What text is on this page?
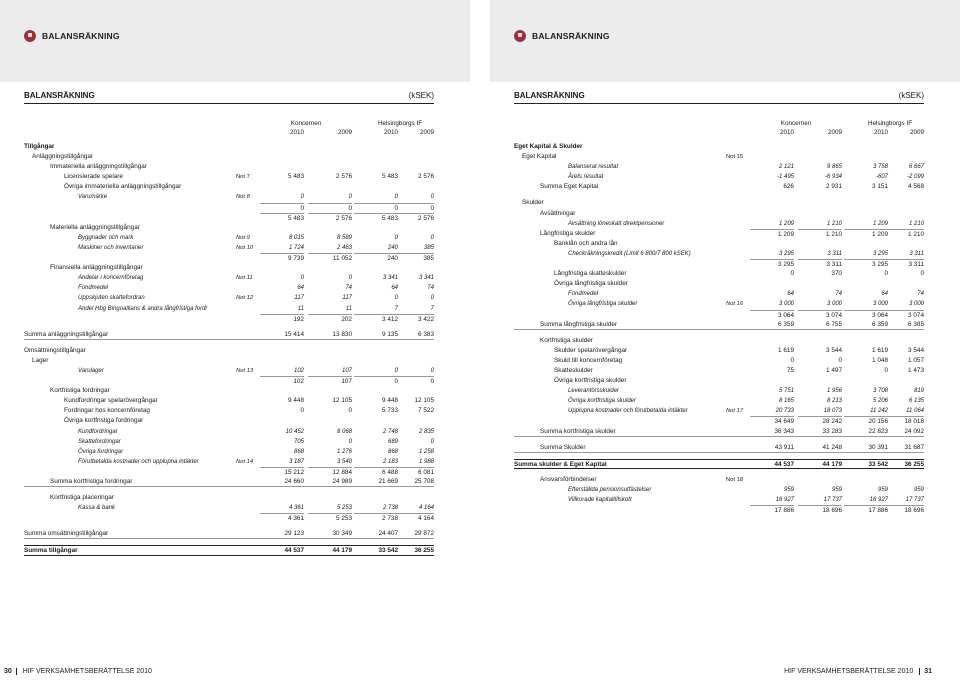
BALANSRÄKNING	BALANSRÄKNING
BALANSRÄKNING	(kSEK)
Koncernen	Helsingborgs IF
2010	2009	2010	2009
Tillgångar
Anläggningstillgångar
Immateriella anläggningstillgångar
Licensierade spelare	Not 7	5 483	2 576	5 483	2 576
Övriga immateriella anläggningstillgångar
Varumärke	Not 8	0	0	0	0
0	0	0	0
5 483	2 576	5 483	2 576
Materiella anläggningstillgångar
Byggnader och mark	Not 9	8 015	8 589	0	0
Maskiner och inventarier	Not 10	1 724	2 463	240	385
9 739	11 052	240	385
Finansiella anläggningstillgångar
Andelar i koncernföretag	Not 11	0	0	3 341	3 341
Fondmedel	64	74	64	74
Uppskjuten skattefordran	Not 12	117	117	0	0
Andel Hbg Bingoallians & andra långfristiga fordr	11	11	7	7
192	202	3 412	3 422
Summa anläggningstillgångar	15 414	13 830	9 135	6 383
Omsättningstillgångar
Lager
Varulager	Not 13	102	107	0	0
102	107	0	0
Kortfristiga fordringar
Kundfordringar spelarövergångar	9 448	12 105	9 448	12 105
Fordringar hos koncernföretag	0	0	5 733	7 522
Övriga kortfristiga fordringar
Kundfordringar	10 452	8 068	2 748	2 835
Skattefordringar	705	0	689	0
Övriga fordringar	868	1 276	868	1 258
Förutbetalda kostnader och upplupna intäkter	Not 14	3 187	3 540	2 183	1 988
15 212	12 884	6 488	6 081
Summa kortfristiga fordringar	24 660	24 989	21 669	25 708
Kortfristiga placeringar
Kassa & bank	4 361	5 253	2 738	4 164
4 361	5 253	2 738	4 164
Summa omsättningstillgångar	29 123	30 349	24 407	29 872
Summa tillgångar	44 537	44 179	33 542	36 255
BALANSRÄKNING	(kSEK)
Koncernen	Helsingborgs IF
2010	2009	2010	2009
Eget Kapital & Skulder
Eget Kapital	Not 15
Balanserat resultat	2 121	9 865	3 758	6 667
Årets resultat	-1 495	-6 934	-607	-2 099
Summa Eget Kapital	626	2 931	3 151	4 568
Skulder
Avsättningar
Avsättning löneskatt direktpensioner	1 209	1 210	1 209	1 210
Långfristiga skulder	1 209	1 210	1 209	1 210
Banklån och andra lån
Checkräkningskredit (Limit 6 800/7 800 kSEK)	3 295	3 311	3 295	3 311
3 295	3 311	3 295	3 311
Långfristiga skatteskulder	0	370	0	0
Övriga långfristiga skulder
Fondmedel	64	74	64	74
Övriga långfristiga skulder	Not 16	3 000	3 000	3 000	3 000
3 064	3 074	3 064	3 074
Summa långfristiga skulder	6 359	6 755	6 359	6 385
Kortfristiga skulder
Skulder spelarövergångar	1 619	3 544	1 619	3 544
Skuld till koncernföretag	0	0	1 048	1 057
Skatteskulder	75	1 497	0	1 473
Övriga kortfristiga skulder
Leverantörsskulder	5 751	1 956	3 708	819
Övriga kortfristiga skulder	8 165	8 213	5 206	6 135
Upplupna kostnader och förutbetalda intäkter	Not 17	20 733	18 073	11 242	11 064
34 649	28 242	20 156	18 018
Summa kortfristiga skulder	36 343	33 283	22 823	24 092
Summa Skulder	43 911	41 248	30 391	31 687
Summa skulder & Eget Kapital	44 537	44 179	33 542	36 255
Ansvarsförbindelser	Not 18
Efterställda pensionsutfästelser	959	959	959	959
Villkorade kapitaltillskott	16 927	17 737	16 927	17 737
17 886	18 696	17 886	18 696
30 HIF VERKSAMHETSBERÄTTELSE 2010	HIF VERKSAMHETSBERÄTTELSE 2010 31
